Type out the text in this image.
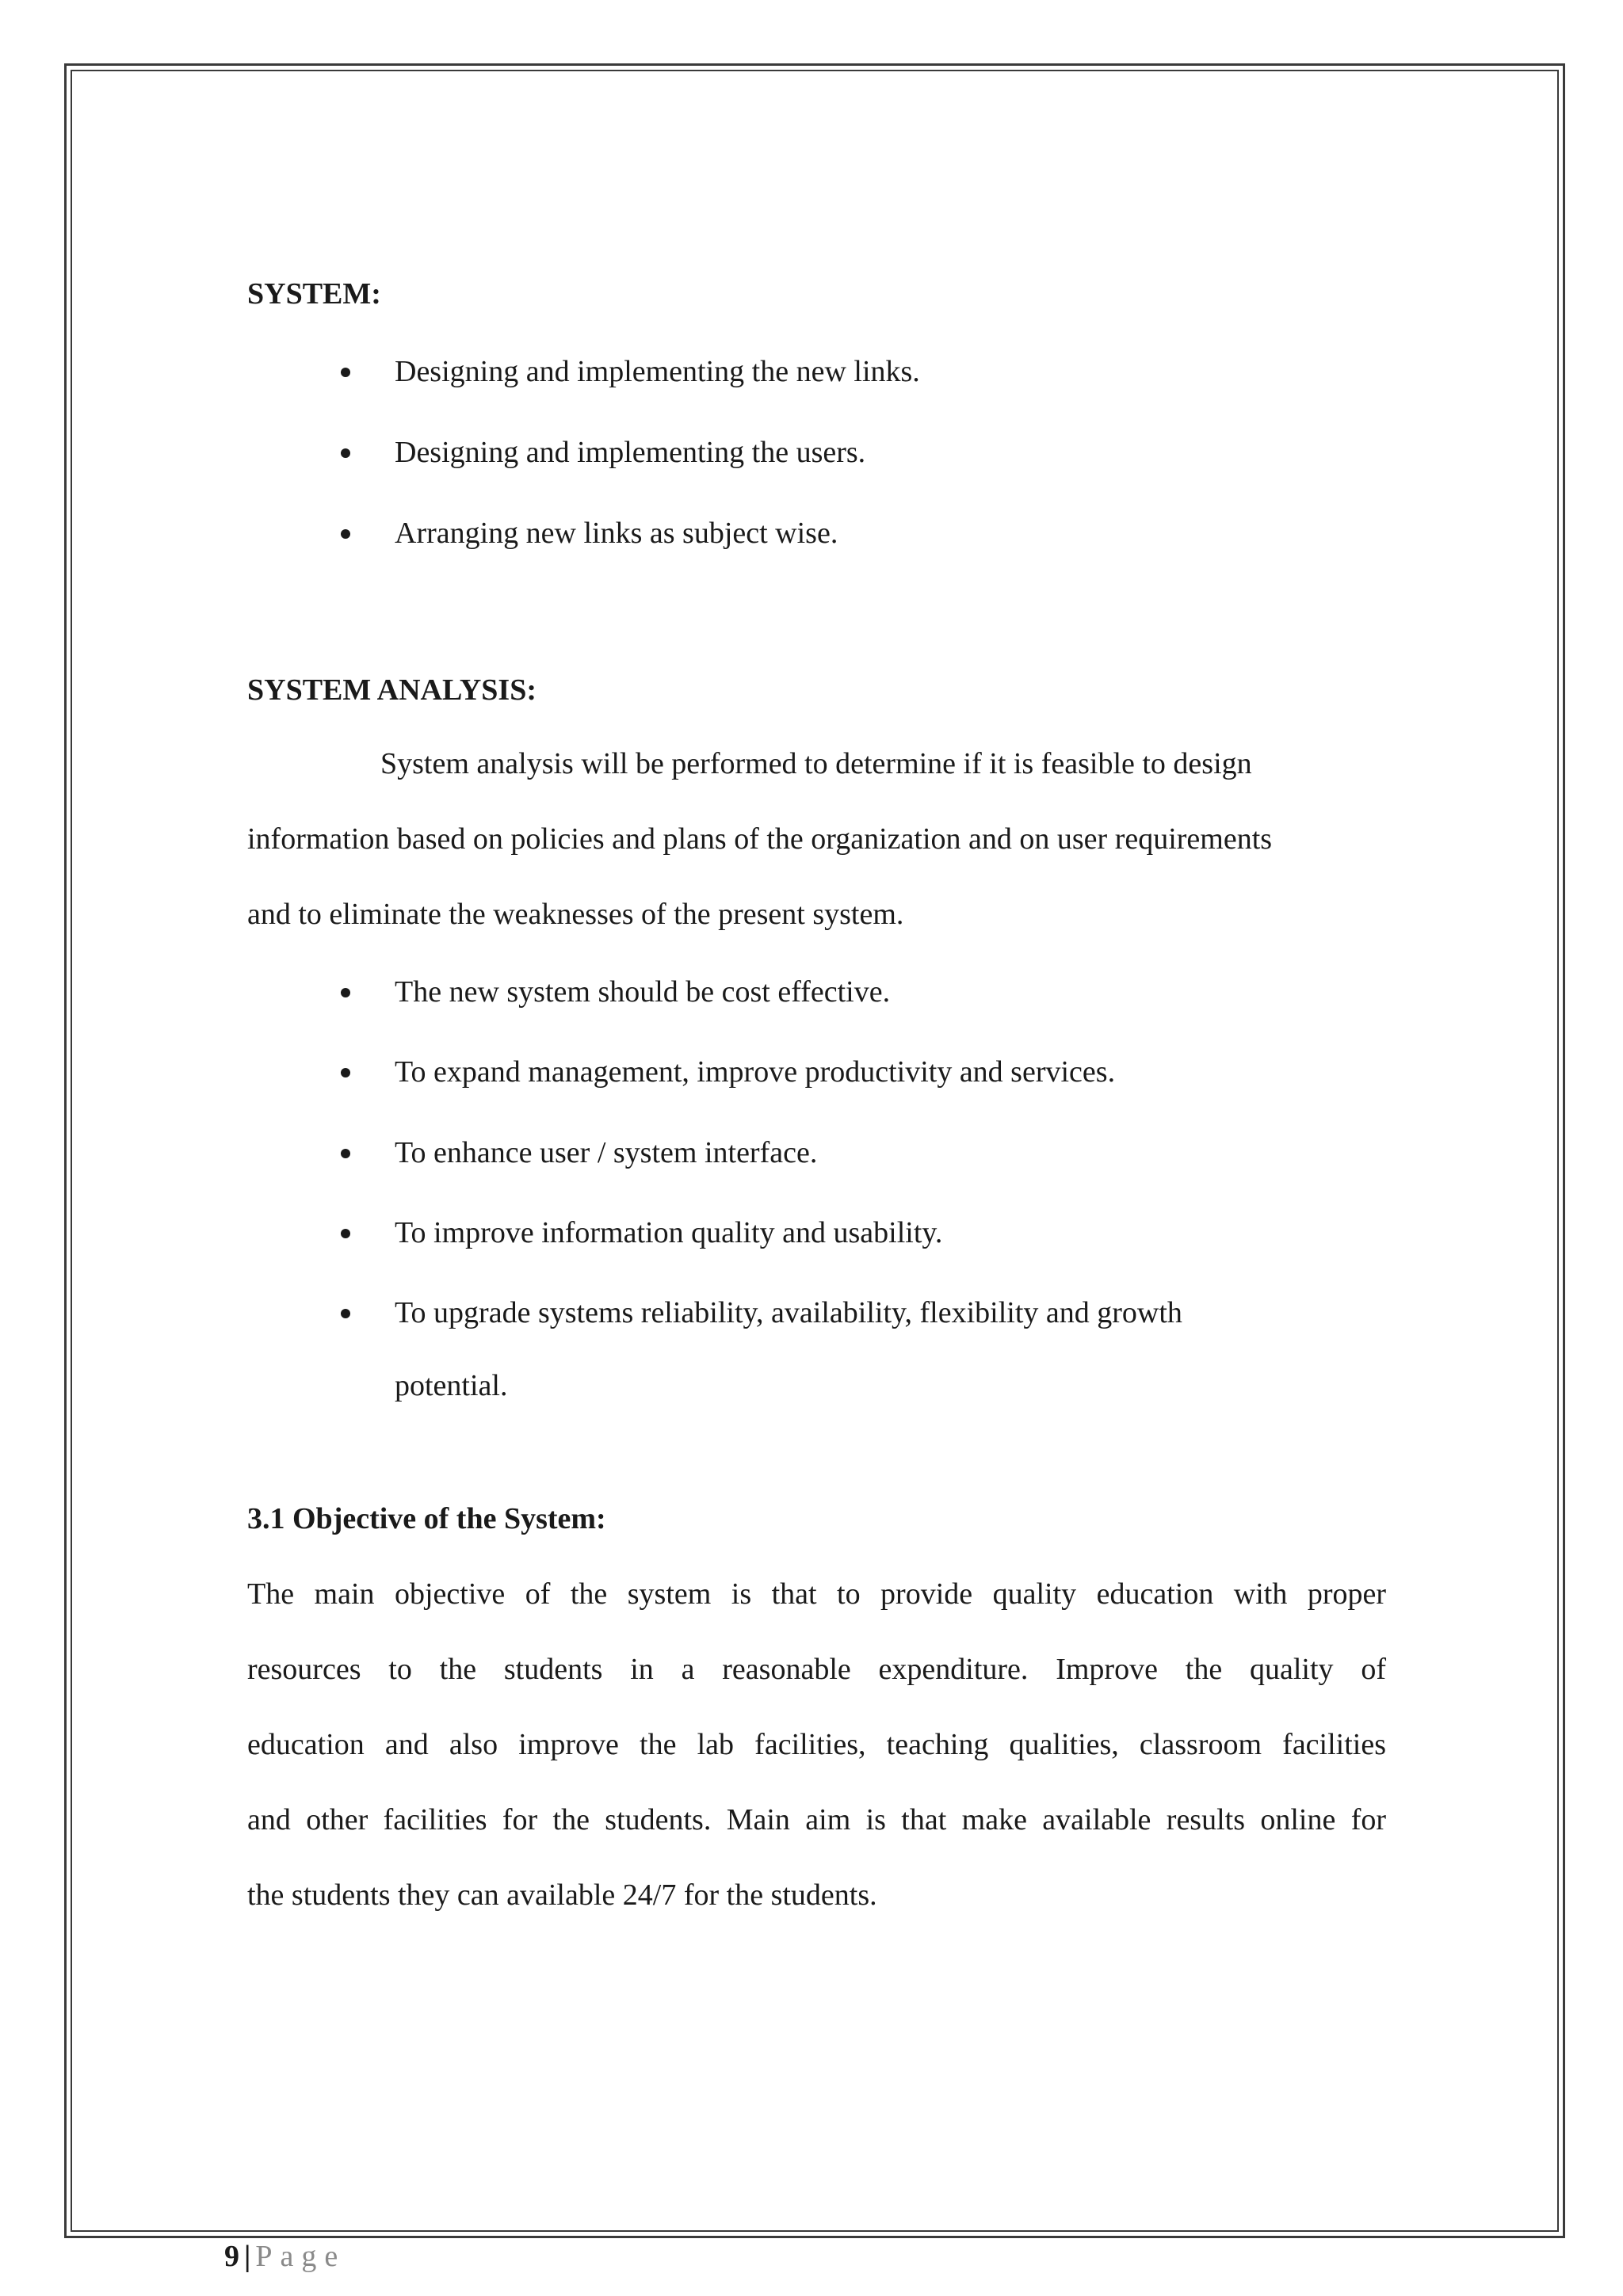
SYSTEM:
Designing and implementing the new links.
Designing and implementing the users.
Arranging new links as subject wise.
SYSTEM ANALYSIS:
System analysis will be performed to determine if it is feasible to design
information based on policies and plans of the organization and on user requirements
and to eliminate the weaknesses of the present system.
The new system should be cost effective.
To expand management, improve productivity and services.
To enhance user / system interface.
To improve information quality and usability.
To upgrade systems reliability, availability, flexibility and growth
potential.
3.1 Objective of the System:
The main objective of the system is that to provide quality education with proper
resources to the students in a reasonable expenditure. Improve the quality of
education and also improve the lab facilities, teaching qualities, classroom facilities
and other facilities for the students. Main aim is that make available results online for
the students they can available 24/7 for the students.
9 | Page
